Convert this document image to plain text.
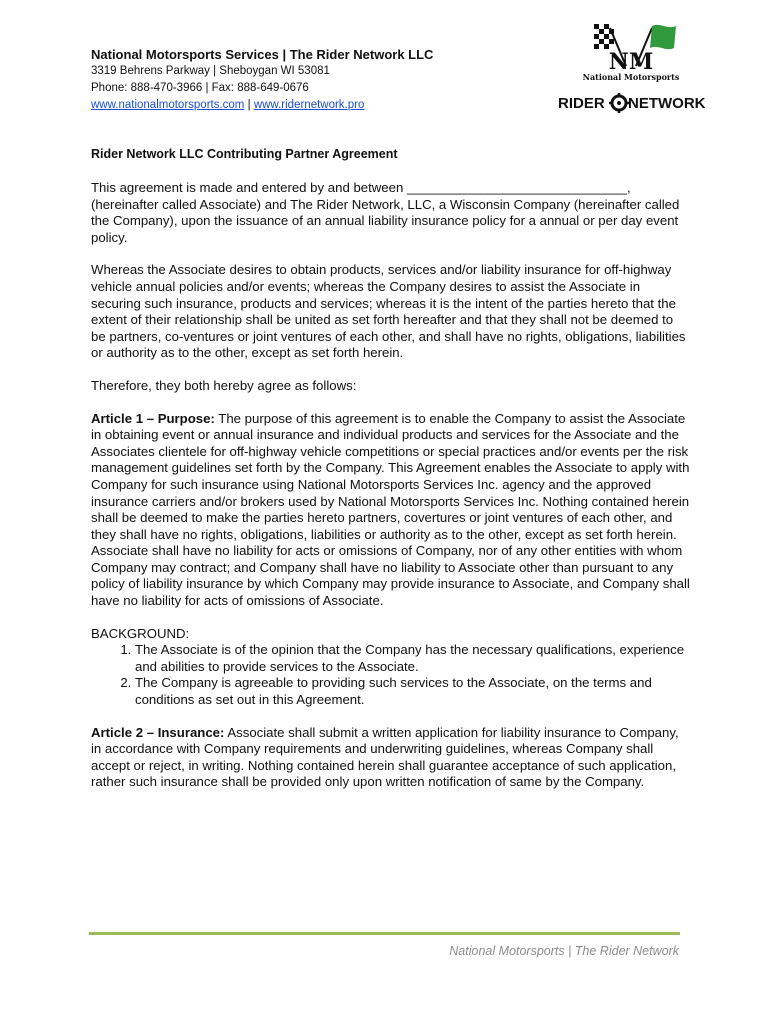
National Motorsports Services | The Rider Network LLC
3319 Behrens Parkway | Sheboygan WI 53081
Phone: 888-470-3966 | Fax: 888-649-0676
www.nationalmotorsports.com | www.ridernetwork.pro
NM
National Motorsports
RIDER NETWORK
Rider Network LLC Contributing Partner Agreement

This agreement is made and entered by and between ______________________________, (hereinafter called Associate) and The Rider Network, LLC, a Wisconsin Company (hereinafter called the Company), upon the issuance of an annual liability insurance policy for a annual or per day event policy.

Whereas the Associate desires to obtain products, services and/or liability insurance for off-highway vehicle annual policies and/or events; whereas the Company desires to assist the Associate in securing such insurance, products and services; whereas it is the intent of the parties hereto that the extent of their relationship shall be united as set forth hereafter and that they shall not be deemed to be partners, co-ventures or joint ventures of each other, and shall have no rights, obligations, liabilities or authority as to the other, except as set forth herein.

Therefore, they both hereby agree as follows:

Article 1 – Purpose: The purpose of this agreement is to enable the Company to assist the Associate in obtaining event or annual insurance and individual products and services for the Associate and the Associates clientele for off-highway vehicle competitions or special practices and/or events per the risk management guidelines set forth by the Company. This Agreement enables the Associate to apply with Company for such insurance using National Motorsports Services Inc. agency and the approved insurance carriers and/or brokers used by National Motorsports Services Inc. Nothing contained herein shall be deemed to make the parties hereto partners, covertures or joint ventures of each other, and they shall have no rights, obligations, liabilities or authority as to the other, except as set forth herein. Associate shall have no liability for acts or omissions of Company, nor of any other entities with whom Company may contract; and Company shall have no liability to Associate other than pursuant to any policy of liability insurance by which Company may provide insurance to Associate, and Company shall have no liability for acts of omissions of Associate.

BACKGROUND:

1. The Associate is of the opinion that the Company has the necessary qualifications, experience and abilities to provide services to the Associate.
2. The Company is agreeable to providing such services to the Associate, on the terms and conditions as set out in this Agreement.

Article 2 – Insurance: Associate shall submit a written application for liability insurance to Company, in accordance with Company requirements and underwriting guidelines, whereas Company shall accept or reject, in writing. Nothing contained herein shall guarantee acceptance of such application, rather such insurance shall be provided only upon written notification of same by the Company.

National Motorsports | The Rider Network
